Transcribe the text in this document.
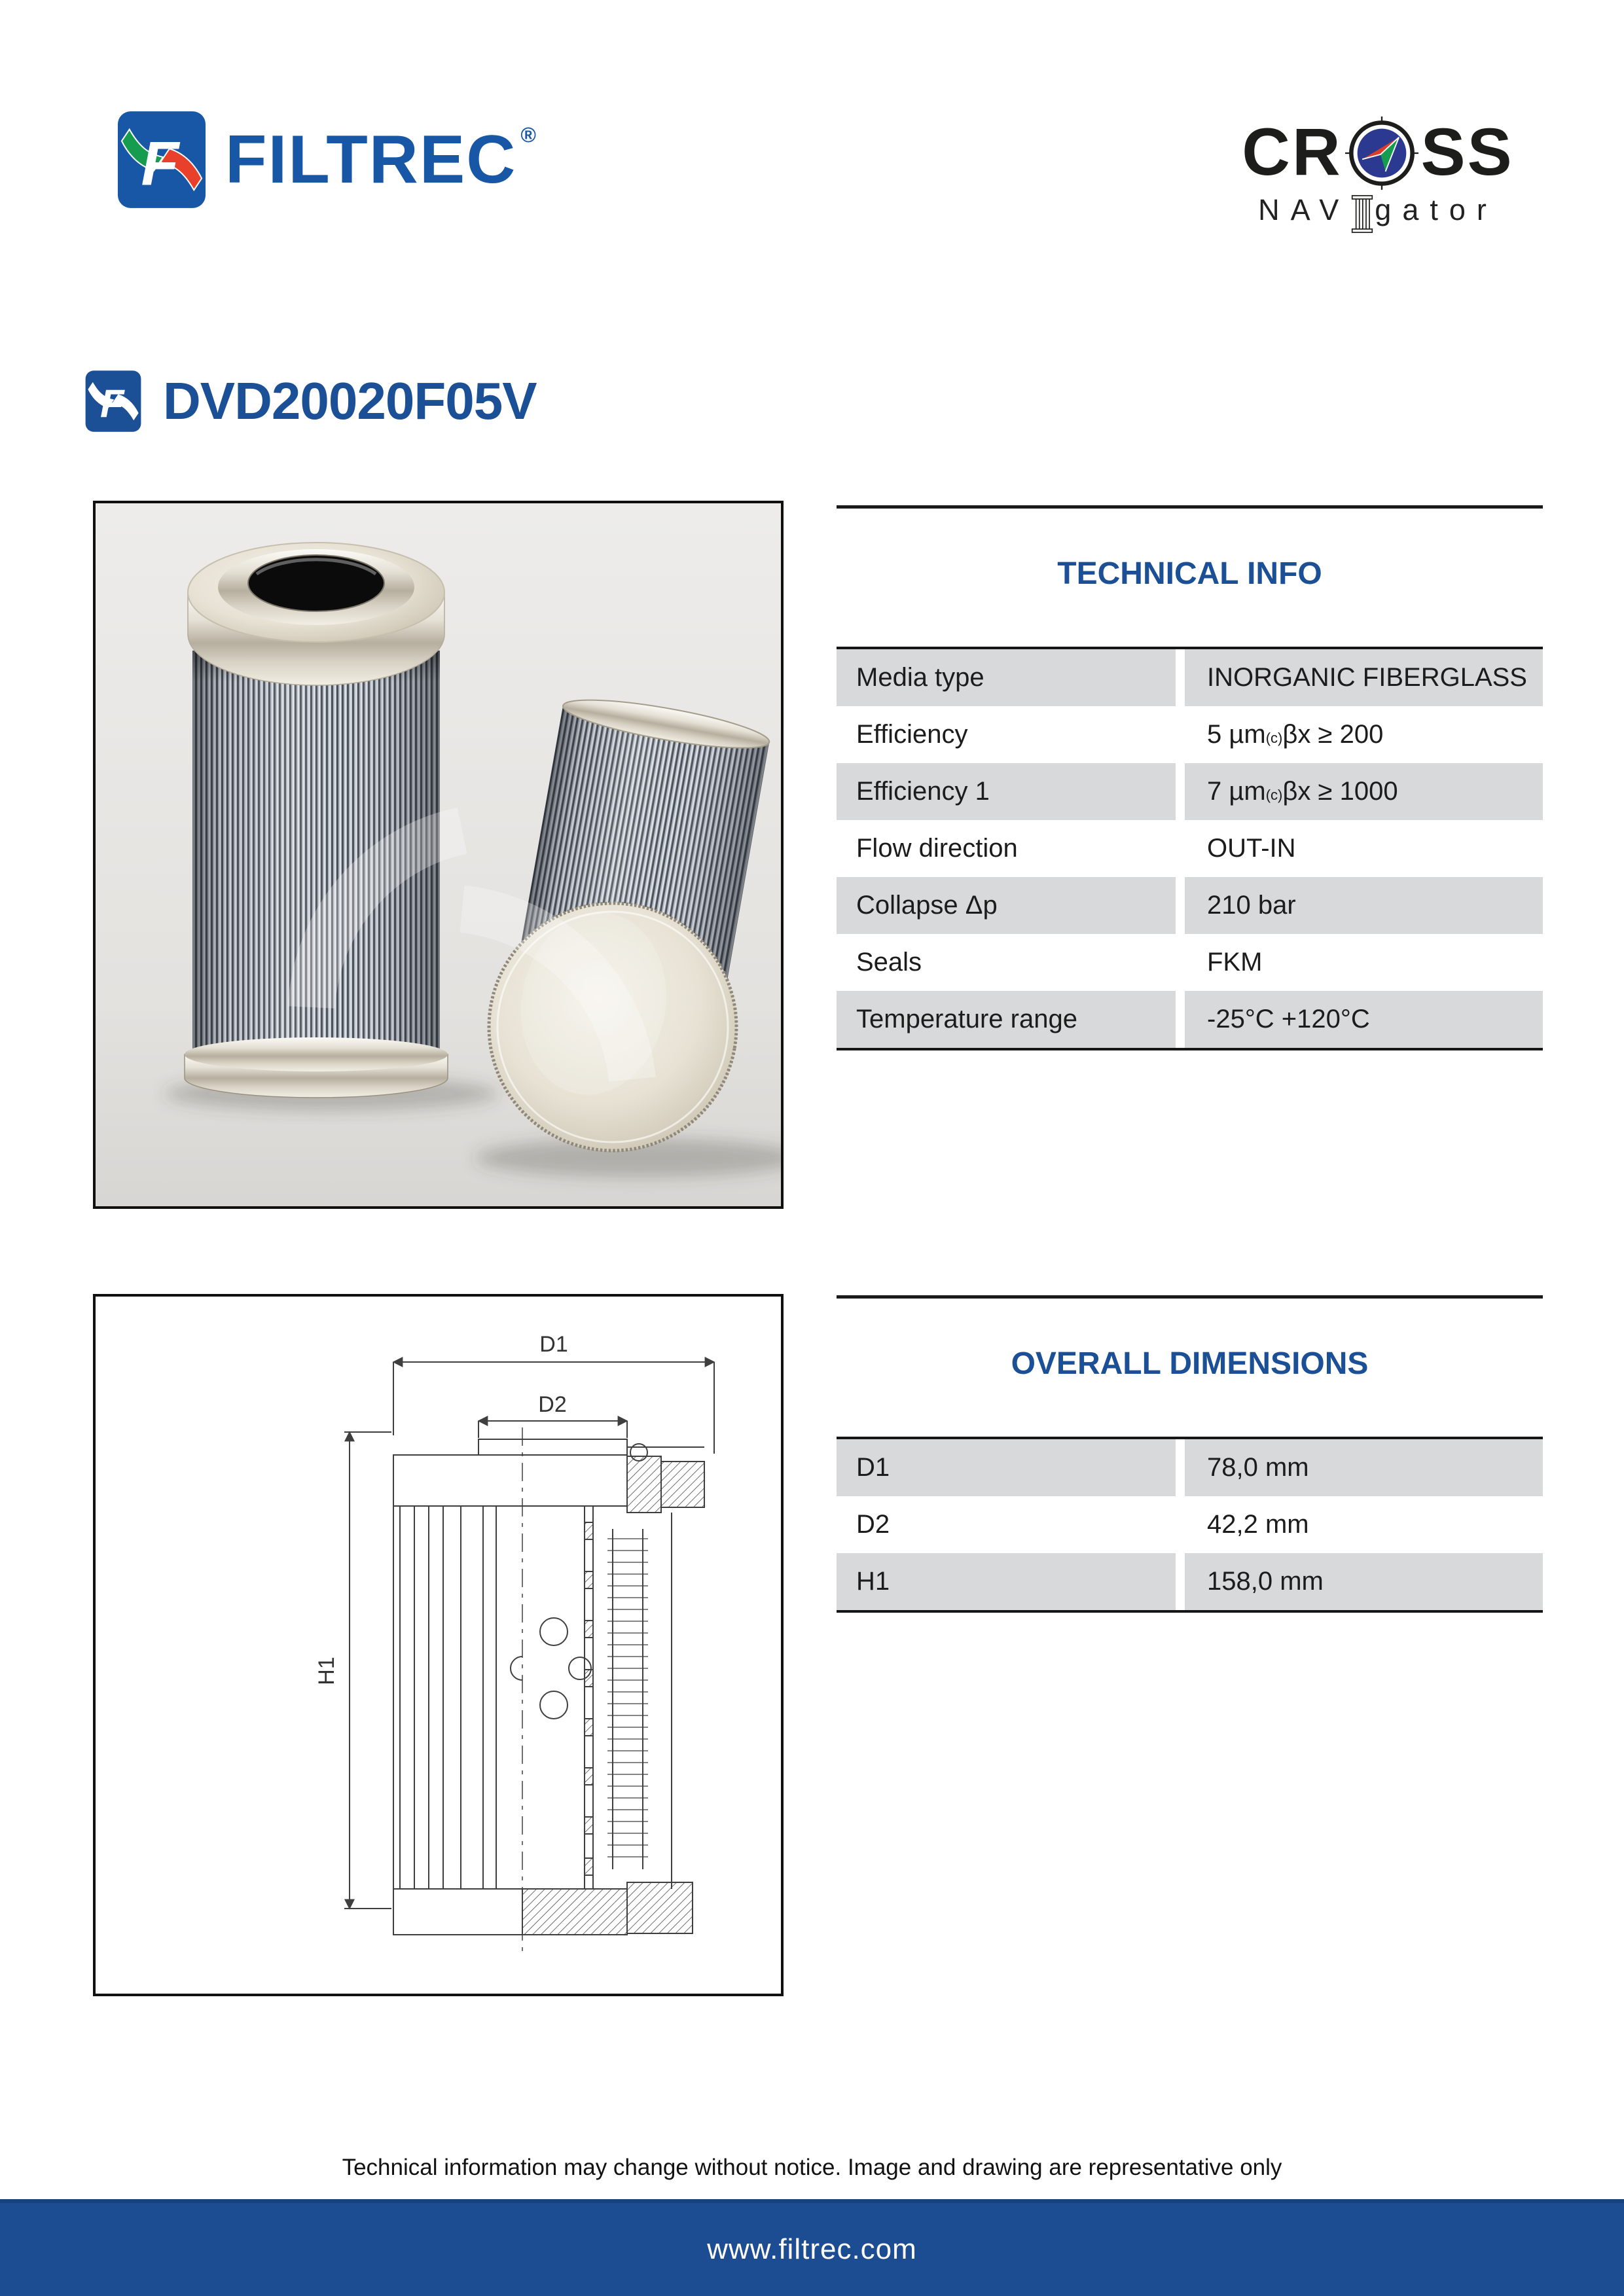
F FILTREC ®	CR SS
NAV gator
F DVD20020F05V
TECHNICAL INFO
Media type	INORGANIC FIBERGLASS
Efficiency	5 µm$_{(c)}$ βx ≥ 200
Efficiency 1	7 µm$_{(c)}$ βx ≥ 1000
Flow direction	OUT-IN
Collapse Δp	210 bar
Seals	FKM
Temperature range	-25°C +120°C
D1
D2
H1
OVERALL DIMENSIONS
D1	78,0 mm
D2	42,2 mm
H1	158,0 mm
Technical information may change without notice. Image and drawing are representative only
www.filtrec.com
